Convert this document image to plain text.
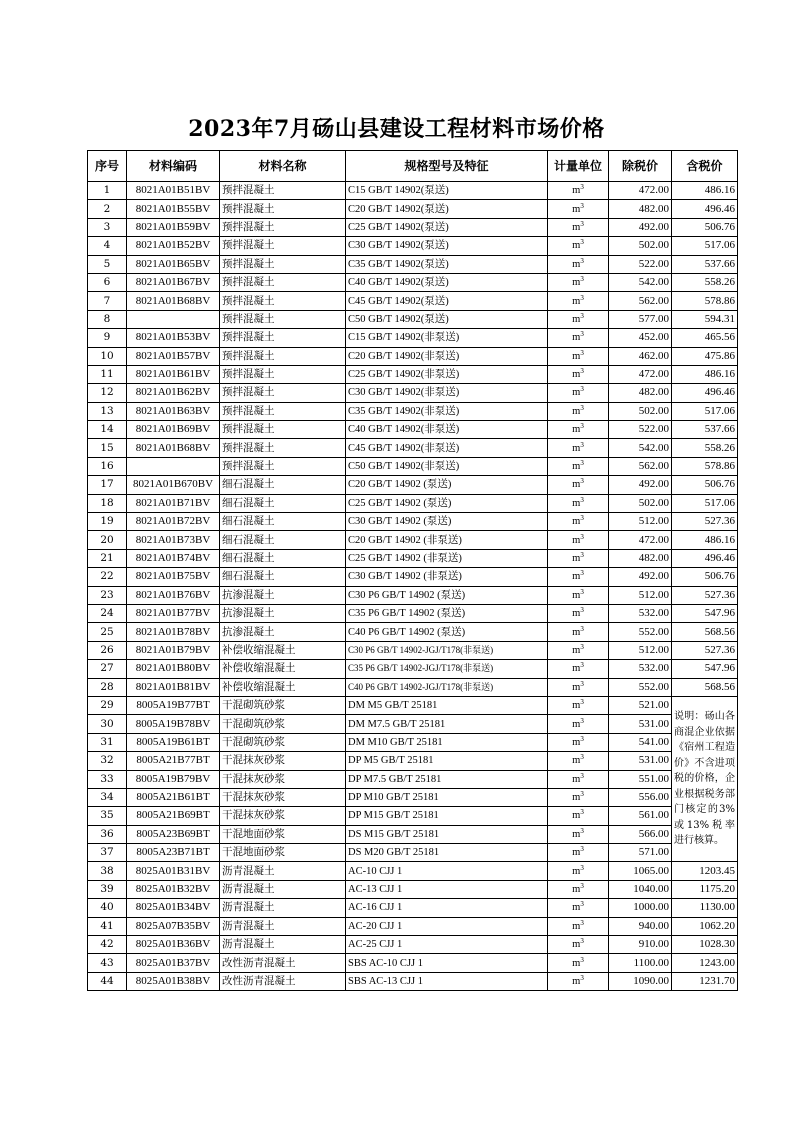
2023年7月砀山县建设工程材料市场价格
序号	材料编码	材料名称	规格型号及特征	计量单位	除税价	含税价
1	8021A01B51BV	预拌混凝土	C15 GB/T 14902(泵送)	$m^3$	472.00	486.16
2	8021A01B55BV	预拌混凝土	C20 GB/T 14902(泵送)	$m^3$	482.00	496.46
3	8021A01B59BV	预拌混凝土	C25 GB/T 14902(泵送)	$m^3$	492.00	506.76
4	8021A01B52BV	预拌混凝土	C30 GB/T 14902(泵送)	$m^3$	502.00	517.06
5	8021A01B65BV	预拌混凝土	C35 GB/T 14902(泵送)	$m^3$	522.00	537.66
6	8021A01B67BV	预拌混凝土	C40 GB/T 14902(泵送)	$m^3$	542.00	558.26
7	8021A01B68BV	预拌混凝土	C45 GB/T 14902(泵送)	$m^3$	562.00	578.86
8		预拌混凝土	C50 GB/T 14902(泵送)	$m^3$	577.00	594.31
9	8021A01B53BV	预拌混凝土	C15 GB/T 14902(非泵送)	$m^3$	452.00	465.56
10	8021A01B57BV	预拌混凝土	C20 GB/T 14902(非泵送)	$m^3$	462.00	475.86
11	8021A01B61BV	预拌混凝土	C25 GB/T 14902(非泵送)	$m^3$	472.00	486.16
12	8021A01B62BV	预拌混凝土	C30 GB/T 14902(非泵送)	$m^3$	482.00	496.46
13	8021A01B63BV	预拌混凝土	C35 GB/T 14902(非泵送)	$m^3$	502.00	517.06
14	8021A01B69BV	预拌混凝土	C40 GB/T 14902(非泵送)	$m^3$	522.00	537.66
15	8021A01B68BV	预拌混凝土	C45 GB/T 14902(非泵送)	$m^3$	542.00	558.26
16		预拌混凝土	C50 GB/T 14902(非泵送)	$m^3$	562.00	578.86
17	8021A01B670BV	细石混凝土	C20 GB/T 14902 (泵送)	$m^3$	492.00	506.76
18	8021A01B71BV	细石混凝土	C25 GB/T 14902 (泵送)	$m^3$	502.00	517.06
19	8021A01B72BV	细石混凝土	C30 GB/T 14902 (泵送)	$m^3$	512.00	527.36
20	8021A01B73BV	细石混凝土	C20 GB/T 14902 (非泵送)	$m^3$	472.00	486.16
21	8021A01B74BV	细石混凝土	C25 GB/T 14902 (非泵送)	$m^3$	482.00	496.46
22	8021A01B75BV	细石混凝土	C30 GB/T 14902 (非泵送)	$m^3$	492.00	506.76
23	8021A01B76BV	抗渗混凝土	C30 P6 GB/T 14902 (泵送)	$m^3$	512.00	527.36
24	8021A01B77BV	抗渗混凝土	C35 P6 GB/T 14902 (泵送)	$m^3$	532.00	547.96
25	8021A01B78BV	抗渗混凝土	C40 P6 GB/T 14902 (泵送)	$m^3$	552.00	568.56
26	8021A01B79BV	补偿收缩混凝土	C30 P6 GB/T 14902-JGJ/T178(非泵送)	$m^3$	512.00	527.36
27	8021A01B80BV	补偿收缩混凝土	C35 P6 GB/T 14902-JGJ/T178(非泵送)	$m^3$	532.00	547.96
28	8021A01B81BV	补偿收缩混凝土	C40 P6 GB/T 14902-JGJ/T178(非泵送)	$m^3$	552.00	568.56
29	8005A19B77BT	干混砌筑砂浆	DM M5 GB/T 25181	$m^3$	521.00	说明：砀山各商混企业依据《宿州工程造价》不含进项税的价格，企业根据税务部门核定的3%或13%税率进行核算。
30	8005A19B78BV	干混砌筑砂浆	DM M7.5 GB/T 25181	$m^3$	531.00	
31	8005A19B61BT	干混砌筑砂浆	DM M10 GB/T 25181	$m^3$	541.00	
32	8005A21B77BT	干混抹灰砂浆	DP M5 GB/T 25181	$m^3$	531.00	
33	8005A19B79BV	干混抹灰砂浆	DP M7.5 GB/T 25181	$m^3$	551.00	
34	8005A21B61BT	干混抹灰砂浆	DP M10 GB/T 25181	$m^3$	556.00	
35	8005A21B69BT	干混抹灰砂浆	DP M15 GB/T 25181	$m^3$	561.00	
36	8005A23B69BT	干混地面砂浆	DS M15 GB/T 25181	$m^3$	566.00	
37	8005A23B71BT	干混地面砂浆	DS M20 GB/T 25181	$m^3$	571.00	
38	8025A01B31BV	沥青混凝土	AC-10 CJJ 1	$m^3$	1065.00	1203.45
39	8025A01B32BV	沥青混凝土	AC-13 CJJ 1	$m^3$	1040.00	1175.20
40	8025A01B34BV	沥青混凝土	AC-16 CJJ 1	$m^3$	1000.00	1130.00
41	8025A07B35BV	沥青混凝土	AC-20 CJJ 1	$m^3$	940.00	1062.20
42	8025A01B36BV	沥青混凝土	AC-25 CJJ 1	$m^3$	910.00	1028.30
43	8025A01B37BV	改性沥青混凝土	SBS AC-10 CJJ 1	$m^3$	1100.00	1243.00
44	8025A01B38BV	改性沥青混凝土	SBS AC-13 CJJ 1	$m^3$	1090.00	1231.70
